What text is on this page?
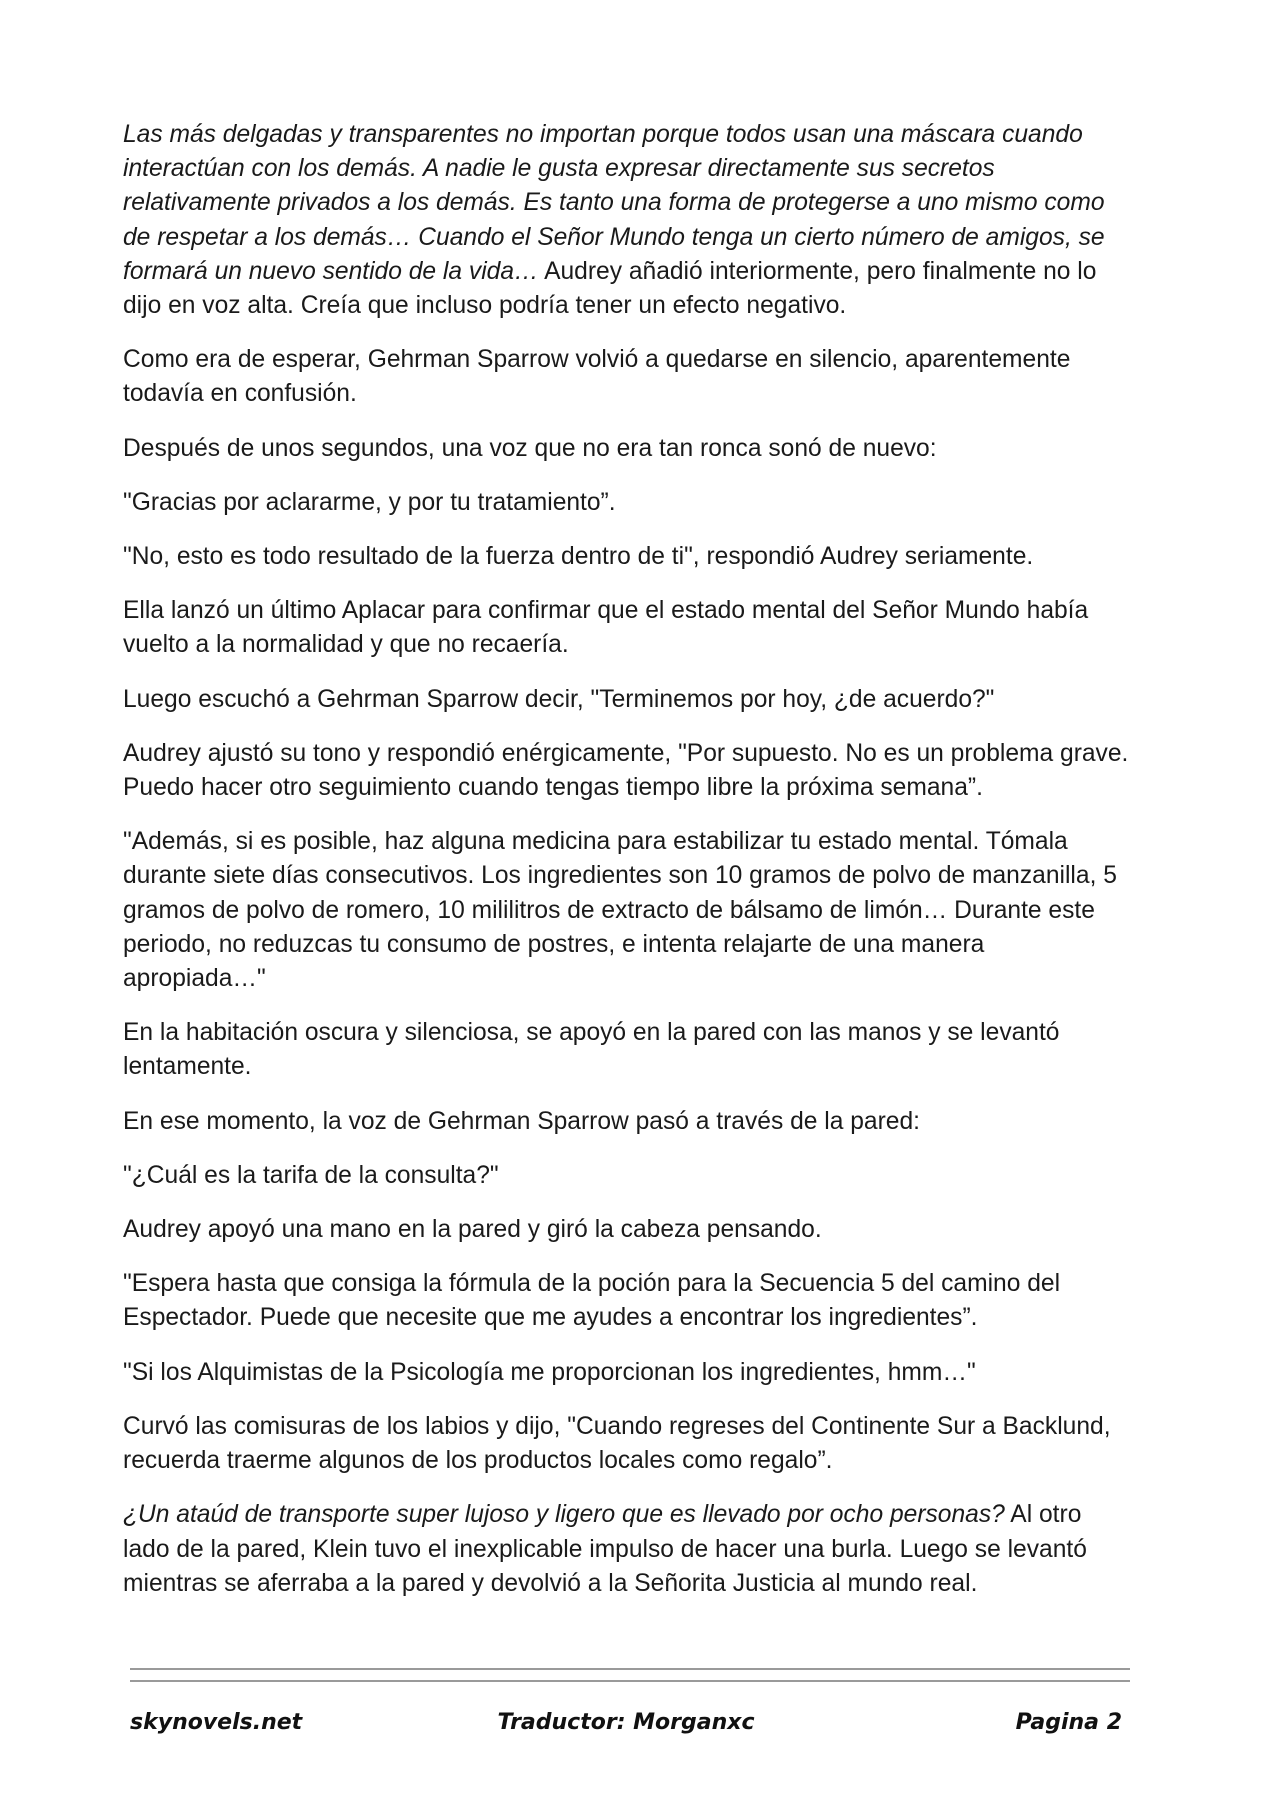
Las más delgadas y transparentes no importan porque todos usan una máscara cuando interactúan con los demás. A nadie le gusta expresar directamente sus secretos relativamente privados a los demás. Es tanto una forma de protegerse a uno mismo como de respetar a los demás… Cuando el Señor Mundo tenga un cierto número de amigos, se formará un nuevo sentido de la vida… Audrey añadió interiormente, pero finalmente no lo dijo en voz alta. Creía que incluso podría tener un efecto negativo.

Como era de esperar, Gehrman Sparrow volvió a quedarse en silencio, aparentemente todavía en confusión.

Después de unos segundos, una voz que no era tan ronca sonó de nuevo:

"Gracias por aclararme, y por tu tratamiento”.

"No, esto es todo resultado de la fuerza dentro de ti", respondió Audrey seriamente.

Ella lanzó un último Aplacar para confirmar que el estado mental del Señor Mundo había vuelto a la normalidad y que no recaería.

Luego escuchó a Gehrman Sparrow decir, "Terminemos por hoy, ¿de acuerdo?"

Audrey ajustó su tono y respondió enérgicamente, "Por supuesto. No es un problema grave. Puedo hacer otro seguimiento cuando tengas tiempo libre la próxima semana”.

"Además, si es posible, haz alguna medicina para estabilizar tu estado mental. Tómala durante siete días consecutivos. Los ingredientes son 10 gramos de polvo de manzanilla, 5 gramos de polvo de romero, 10 mililitros de extracto de bálsamo de limón… Durante este periodo, no reduzcas tu consumo de postres, e intenta relajarte de una manera apropiada…"

En la habitación oscura y silenciosa, se apoyó en la pared con las manos y se levantó lentamente.

En ese momento, la voz de Gehrman Sparrow pasó a través de la pared:

"¿Cuál es la tarifa de la consulta?"

Audrey apoyó una mano en la pared y giró la cabeza pensando.

"Espera hasta que consiga la fórmula de la poción para la Secuencia 5 del camino del Espectador. Puede que necesite que me ayudes a encontrar los ingredientes”.

"Si los Alquimistas de la Psicología me proporcionan los ingredientes, hmm…"

Curvó las comisuras de los labios y dijo, "Cuando regreses del Continente Sur a Backlund, recuerda traerme algunos de los productos locales como regalo”.

¿Un ataúd de transporte super lujoso y ligero que es llevado por ocho personas? Al otro lado de la pared, Klein tuvo el inexplicable impulso de hacer una burla. Luego se levantó mientras se aferraba a la pared y devolvió a la Señorita Justicia al mundo real.

skynovels.net	Traductor: Morganxc	Pagina 2
